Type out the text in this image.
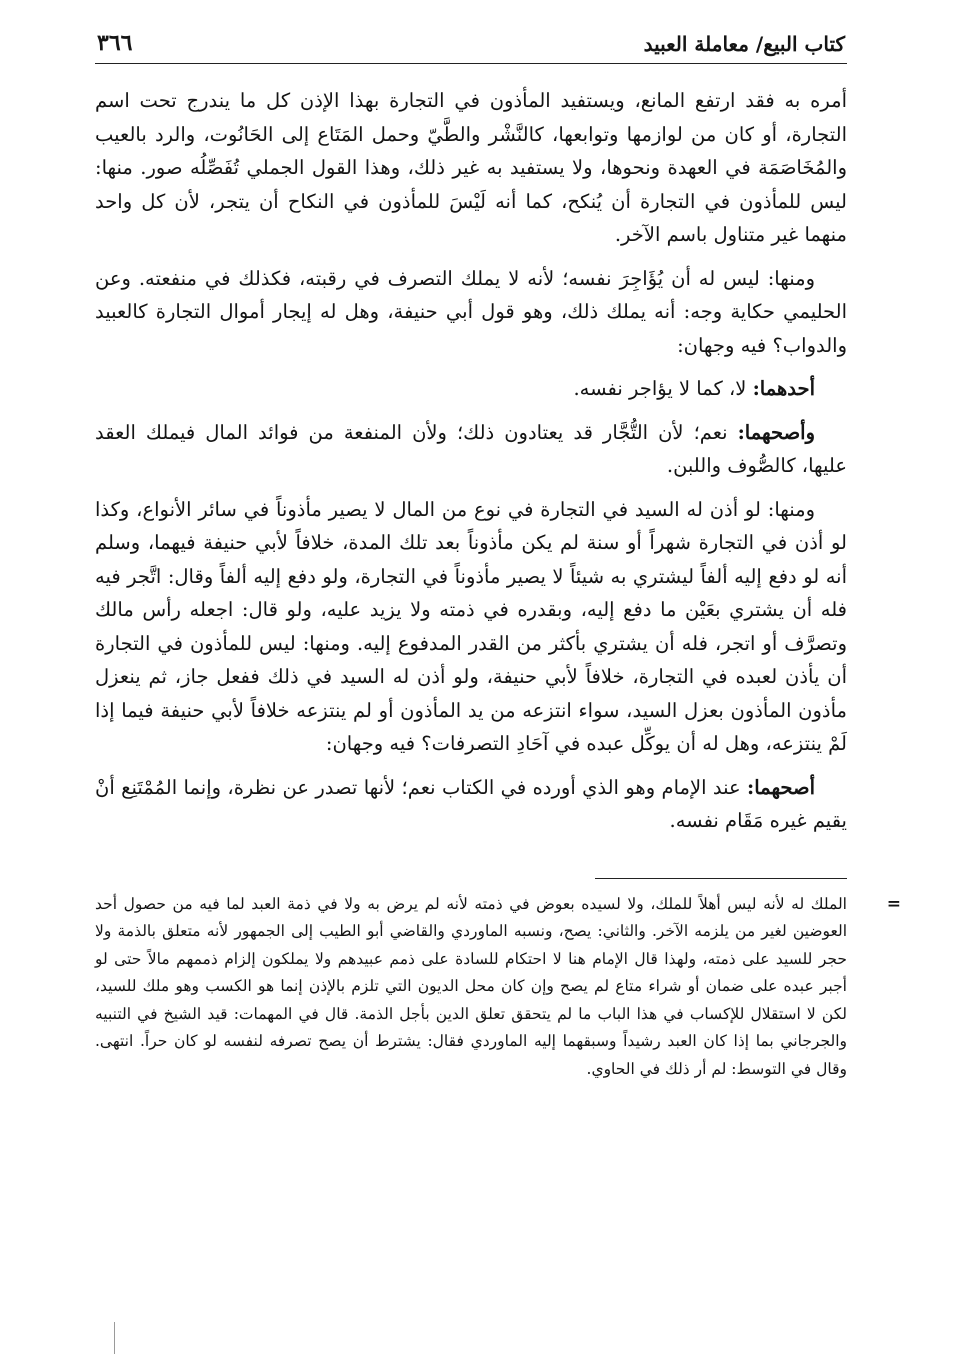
كتاب البيع/ معاملة العبيد
٣٦٦

أمره به فقد ارتفع المانع، ويستفيد المأذون في التجارة بهذا الإذن كل ما يندرج تحت اسم التجارة، أو كان من لوازمها وتوابعها، كالنَّشْر والطَّيّ وحمل المَتَاع إلى الحَانُوت، والرد بالعيب والمُخَاصَمَة في العهدة ونحوها، ولا يستفيد به غير ذلك، وهذا القول الجملي تُفَصِّلُه صور. منها: ليس للمأذون في التجارة أن يُنكح، كما أنه لَيْسَ للمأذون في النكاح أن يتجر، لأن كل واحد منهما غير متناول باسم الآخر.

ومنها: ليس له أن يُؤَاجِرَ نفسه؛ لأنه لا يملك التصرف في رقبته، فكذلك في منفعته. وعن الحليمي حكاية وجه: أنه يملك ذلك، وهو قول أبي حنيفة، وهل له إيجار أموال التجارة كالعبيد والدواب؟ فيه وجهان:

أحدهما: لا، كما لا يؤاجر نفسه.

وأصحهما: نعم؛ لأن التُّجَّار قد يعتادون ذلك؛ ولأن المنفعة من فوائد المال فيملك العقد عليها، كالصُّوف واللبن.

ومنها: لو أذن له السيد في التجارة في نوع من المال لا يصير مأذوناً في سائر الأنواع، وكذا لو أذن في التجارة شهراً أو سنة لم يكن مأذوناً بعد تلك المدة، خلافاً لأبي حنيفة فيهما، وسلم أنه لو دفع إليه ألفاً ليشتري به شيئاً لا يصير مأذوناً في التجارة، ولو دفع إليه ألفاً وقال: اتَّجر فيه فله أن يشتري بعَيْن ما دفع إليه، وبقدره في ذمته ولا يزيد عليه، ولو قال: اجعله رأس مالك وتصرَّف أو اتجر، فله أن يشتري بأكثر من القدر المدفوع إليه. ومنها: ليس للمأذون في التجارة أن يأذن لعبده في التجارة، خلافاً لأبي حنيفة، ولو أذن له السيد في ذلك ففعل جاز، ثم ينعزل مأذون المأذون بعزل السيد، سواء انتزعه من يد المأذون أو لم ينتزعه خلافاً لأبي حنيفة فيما إذا لَمْ ينتزعه، وهل له أن يوكِّل عبده في آحَادِ التصرفات؟ فيه وجهان:

أصحهما: عند الإمام وهو الذي أورده في الكتاب نعم؛ لأنها تصدر عن نظرة، وإنما المُمْتَنِع أنْ يقيم غيره مَقَام نفسه.

=

الملك له لأنه ليس أهلاً للملك، ولا لسيده بعوض في ذمته لأنه لم يرض به ولا في ذمة العبد لما فيه من حصول أحد العوضين لغير من يلزمه الآخر. والثاني: يصح، ونسبه الماوردي والقاضي أبو الطيب إلى الجمهور لأنه متعلق بالذمة ولا حجر للسيد على ذمته، ولهذا قال الإمام هنا لا احتكام للسادة على ذمم عبيدهم ولا يملكون إلزام ذممهم مالاً حتى لو أجبر عبده على ضمان أو شراء متاع لم يصح وإن كان محل الديون التي تلزم بالإذن إنما هو الكسب وهو ملك للسيد، لكن لا استقلال للإكساب في هذا الباب ما لم يتحقق تعلق الدين بأجل الذمة. قال في المهمات: قيد الشيخ في التنبيه والجرجاني بما إذا كان العبد رشيداً وسبقهما إليه الماوردي فقال: يشترط أن يصح تصرفه لنفسه لو كان حراً. انتهى. وقال في التوسط: لم أر ذلك في الحاوي.
